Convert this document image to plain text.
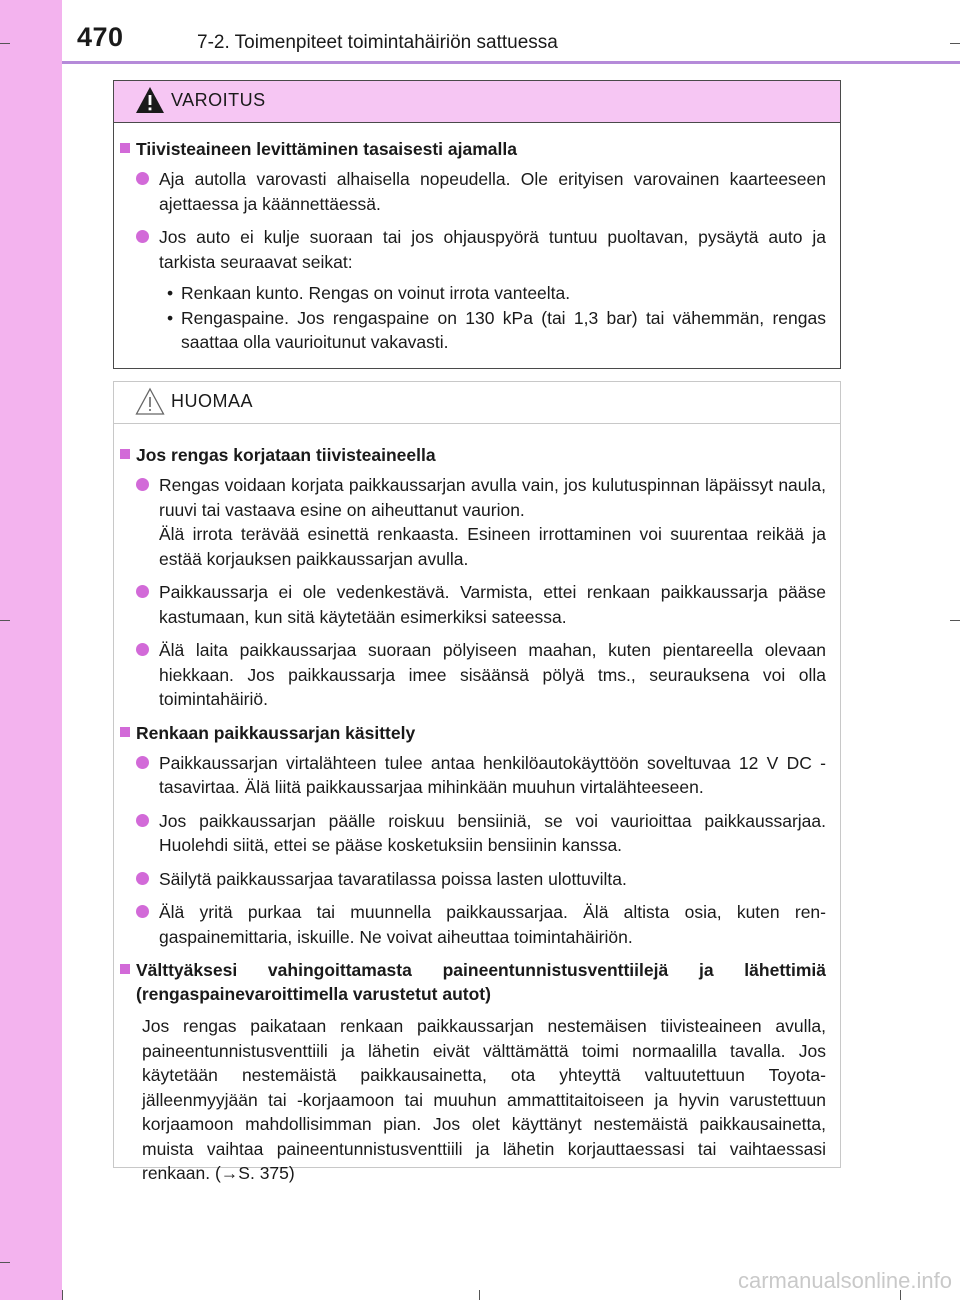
470	7-2. Toimenpiteet toimintahäiriön sattuessa
VAROITUS
Tiivisteaineen levittäminen tasaisesti ajamalla
Aja autolla varovasti alhaisella nopeudella. Ole erityisen varovainen kaarteeseen ajettaessa ja käännettäessä.
Jos auto ei kulje suoraan tai jos ohjauspyörä tuntuu puoltavan, pysäytä auto ja tarkista seuraavat seikat:
• Renkaan kunto. Rengas on voinut irrota vanteelta.
• Rengaspaine. Jos rengaspaine on 130 kPa (tai 1,3 bar) tai vähemmän, rengas saattaa olla vaurioitunut vakavasti.
HUOMAA
Jos rengas korjataan tiivisteaineella

Rengas voidaan korjata paikkaussarjan avulla vain, jos kulutuspinnan läpäissyt naula, ruuvi tai vastaava esine on aiheuttanut vaurion.

Älä irrota terävää esinettä renkaasta. Esineen irrottaminen voi suurentaa reikää ja estää korjauksen paikkaussarjan avulla.

Paikkaussarja ei ole vedenkestävä. Varmista, ettei renkaan paikkaussarja pääse kastumaan, kun sitä käytetään esimerkiksi sateessa.
Älä laita paikkaussarjaa suoraan pölyiseen maahan, kuten pientareella olevaan hiekkaan. Jos paikkaussarja imee sisäänsä pölyä tms., seurauksena voi olla toimintahäiriö.
Renkaan paikkaussarjan käsittely
Paikkaussarjan virtalähteen tulee antaa henkilöautokäyttöön soveltuvaa 12 V DC -tasavirtaa. Älä liitä paikkaussarjaa mihinkään muuhun virtalähteeseen.
Jos paikkaussarjan päälle roiskuu bensiiniä, se voi vaurioittaa paikkaussarjaa. Huolehdi siitä, ettei se pääse kosketuksiin bensiinin kanssa.
Säilytä paikkaussarjaa tavaratilassa poissa lasten ulottuvilta.
Älä yritä purkaa tai muunnella paikkaussarjaa. Älä altista osia, kuten rengaspainemittaria, iskuille. Ne voivat aiheuttaa toimintahäiriön.
Välttyäksesi vahingoittamasta paineentunnistusventtiilejä ja lähettimiä (rengaspainevaroittimella varustetut autot)
Jos rengas paikataan renkaan paikkaussarjan nestemäisen tiivisteaineen avulla, paineentunnistusventtiili ja lähetin eivät välttämättä toimi normaalilla tavalla. Jos käytetään nestemäistä paikkausainetta, ota yhteyttä valtuutettuun Toyota-jälleenmyyjään tai -korjaamoon tai muuhun ammattitaitoiseen ja hyvin varustettuun korjaamoon mahdollisimman pian. Jos olet käyttänyt nestemäistä paikkausainetta, muista vaihtaa paineentunnistusventtiili ja lähetin korjauttaessasi tai vaihtaessasi renkaan. (→S. 375)
carmanualsonline.info
